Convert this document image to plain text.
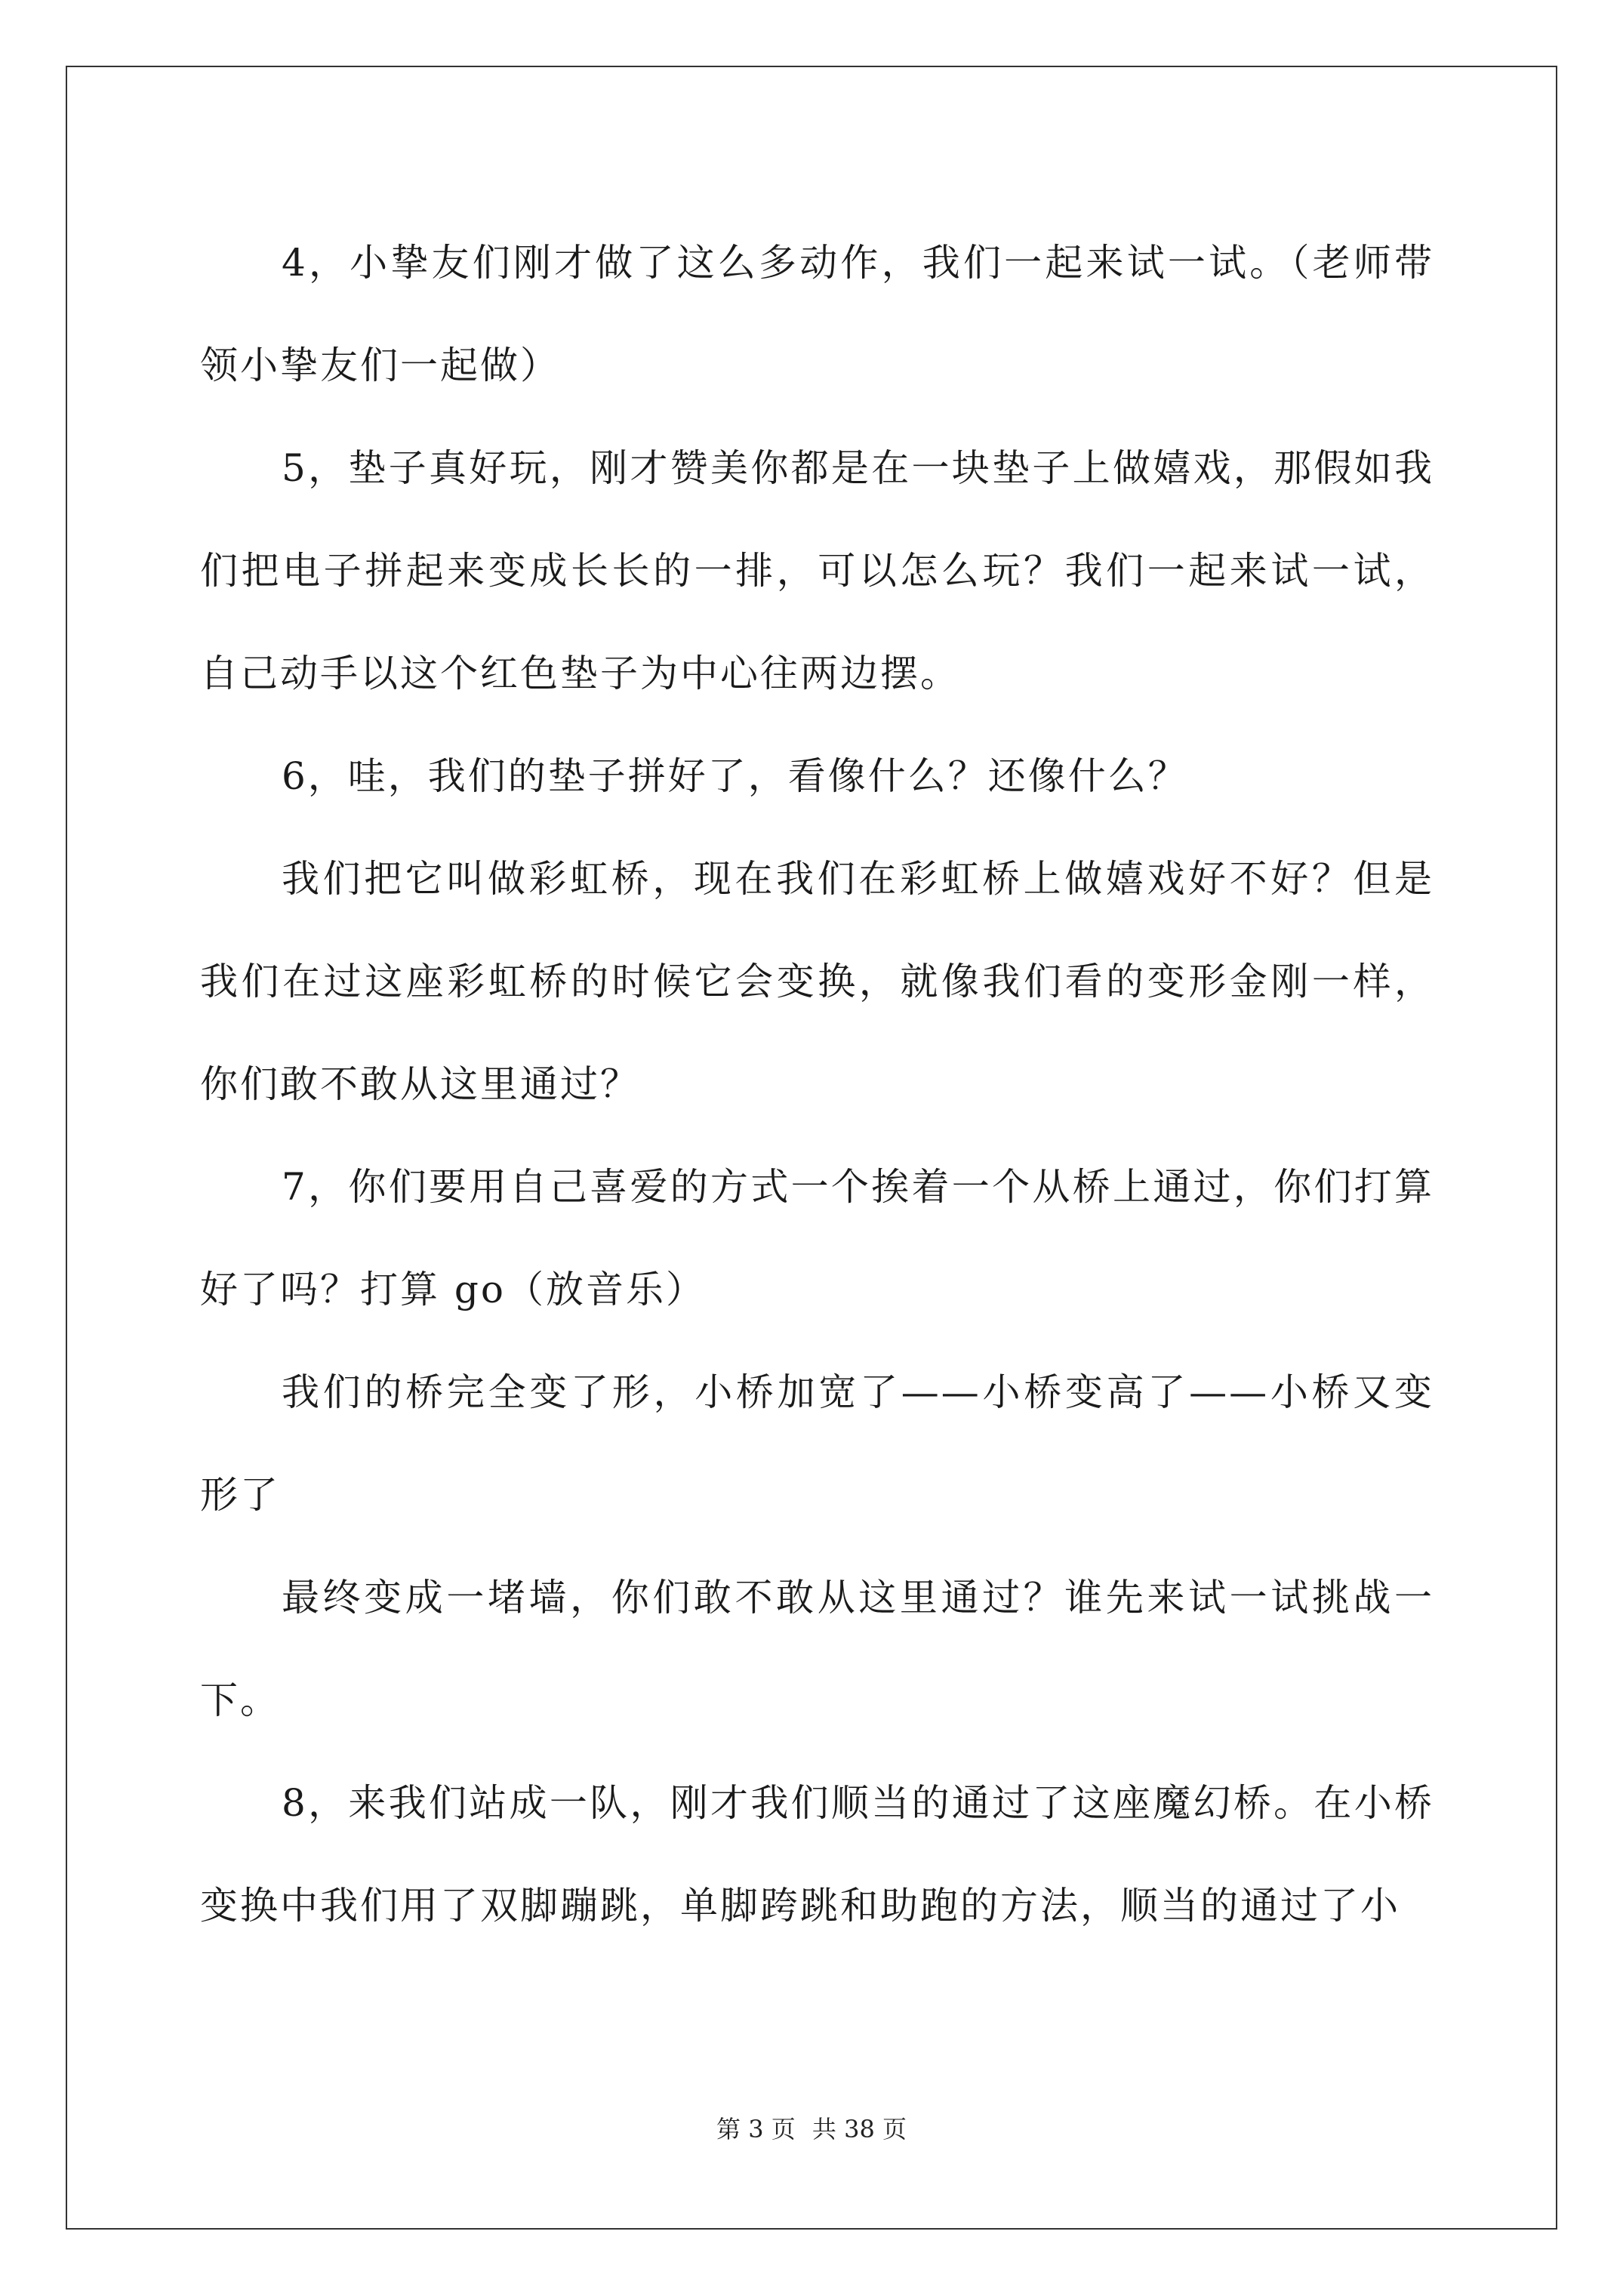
4，小挚友们刚才做了这么多动作，我们一起来试一试。（老师带领小挚友们一起做）

5，垫子真好玩，刚才赞美你都是在一块垫子上做嬉戏，那假如我们把电子拼起来变成长长的一排，可以怎么玩？我们一起来试一试，自己动手以这个红色垫子为中心往两边摆。

6，哇，我们的垫子拼好了，看像什么？还像什么？

我们把它叫做彩虹桥，现在我们在彩虹桥上做嬉戏好不好？但是我们在过这座彩虹桥的时候它会变换，就像我们看的变形金刚一样，你们敢不敢从这里通过？

7，你们要用自己喜爱的方式一个挨着一个从桥上通过，你们打算好了吗？打算 go（放音乐）

我们的桥完全变了形，小桥加宽了——小桥变高了——小桥又变形了

最终变成一堵墙，你们敢不敢从这里通过？谁先来试一试挑战一下。

8，来我们站成一队，刚才我们顺当的通过了这座魔幻桥。在小桥变换中我们用了双脚蹦跳，单脚跨跳和助跑的方法，顺当的通过了小

第 3 页 共 38 页
